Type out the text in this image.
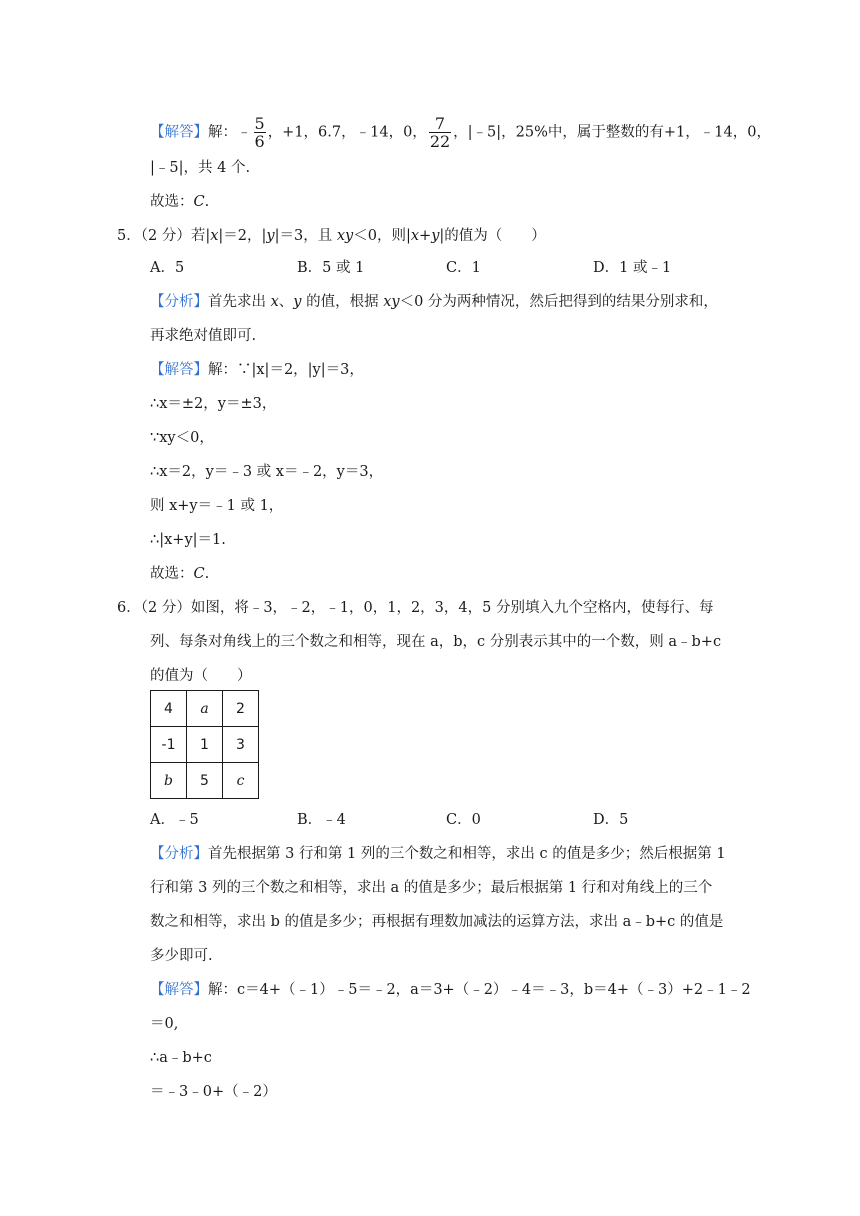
【解答】解：﹣ $\frac{5}{6}$ ，+1，6.7，﹣14，0， $\frac{7}{22}$ ，|﹣5|，25%中，属于整数的有+1，﹣14，0，
|﹣5|，共 4 个.
故选：C.
5．（2 分）若|x|＝2，|y|＝3，且 xy＜0，则|x+y|的值为（　　）
A．5	B．5 或 1	C．1	D．1 或﹣1
【分析】首先求出 x、y 的值，根据 xy＜0 分为两种情况，然后把得到的结果分别求和，
再求绝对值即可.
【解答】解：∵|x|＝2，|y|＝3，
∴x＝±2，y＝±3，
∵xy＜0，
∴x＝2，y＝﹣3 或 x＝﹣2，y＝3，
则 x+y＝﹣1 或 1，
∴|x+y|＝1.
故选：C.
6．（2 分）如图，将﹣3，﹣2，﹣1，0，1，2，3，4，5 分别填入九个空格内，使每行、每
列、每条对角线上的三个数之和相等，现在 a，b，c 分别表示其中的一个数，则 a﹣b+c
的值为（　　）
4	a	2
-1	1	3
b	5	c
A．﹣5	B．﹣4	C．0	D．5
【分析】首先根据第 3 行和第 1 列的三个数之和相等，求出 c 的值是多少；然后根据第 1
行和第 3 列的三个数之和相等，求出 a 的值是多少；最后根据第 1 行和对角线上的三个
数之和相等，求出 b 的值是多少；再根据有理数加减法的运算方法，求出 a﹣b+c 的值是
多少即可.
【解答】解：c＝4+（﹣1）﹣5＝﹣2，a＝3+（﹣2）﹣4＝﹣3，b＝4+（﹣3）+2﹣1﹣2
＝0,
∴a﹣b+c
＝﹣3﹣0+（﹣2）
